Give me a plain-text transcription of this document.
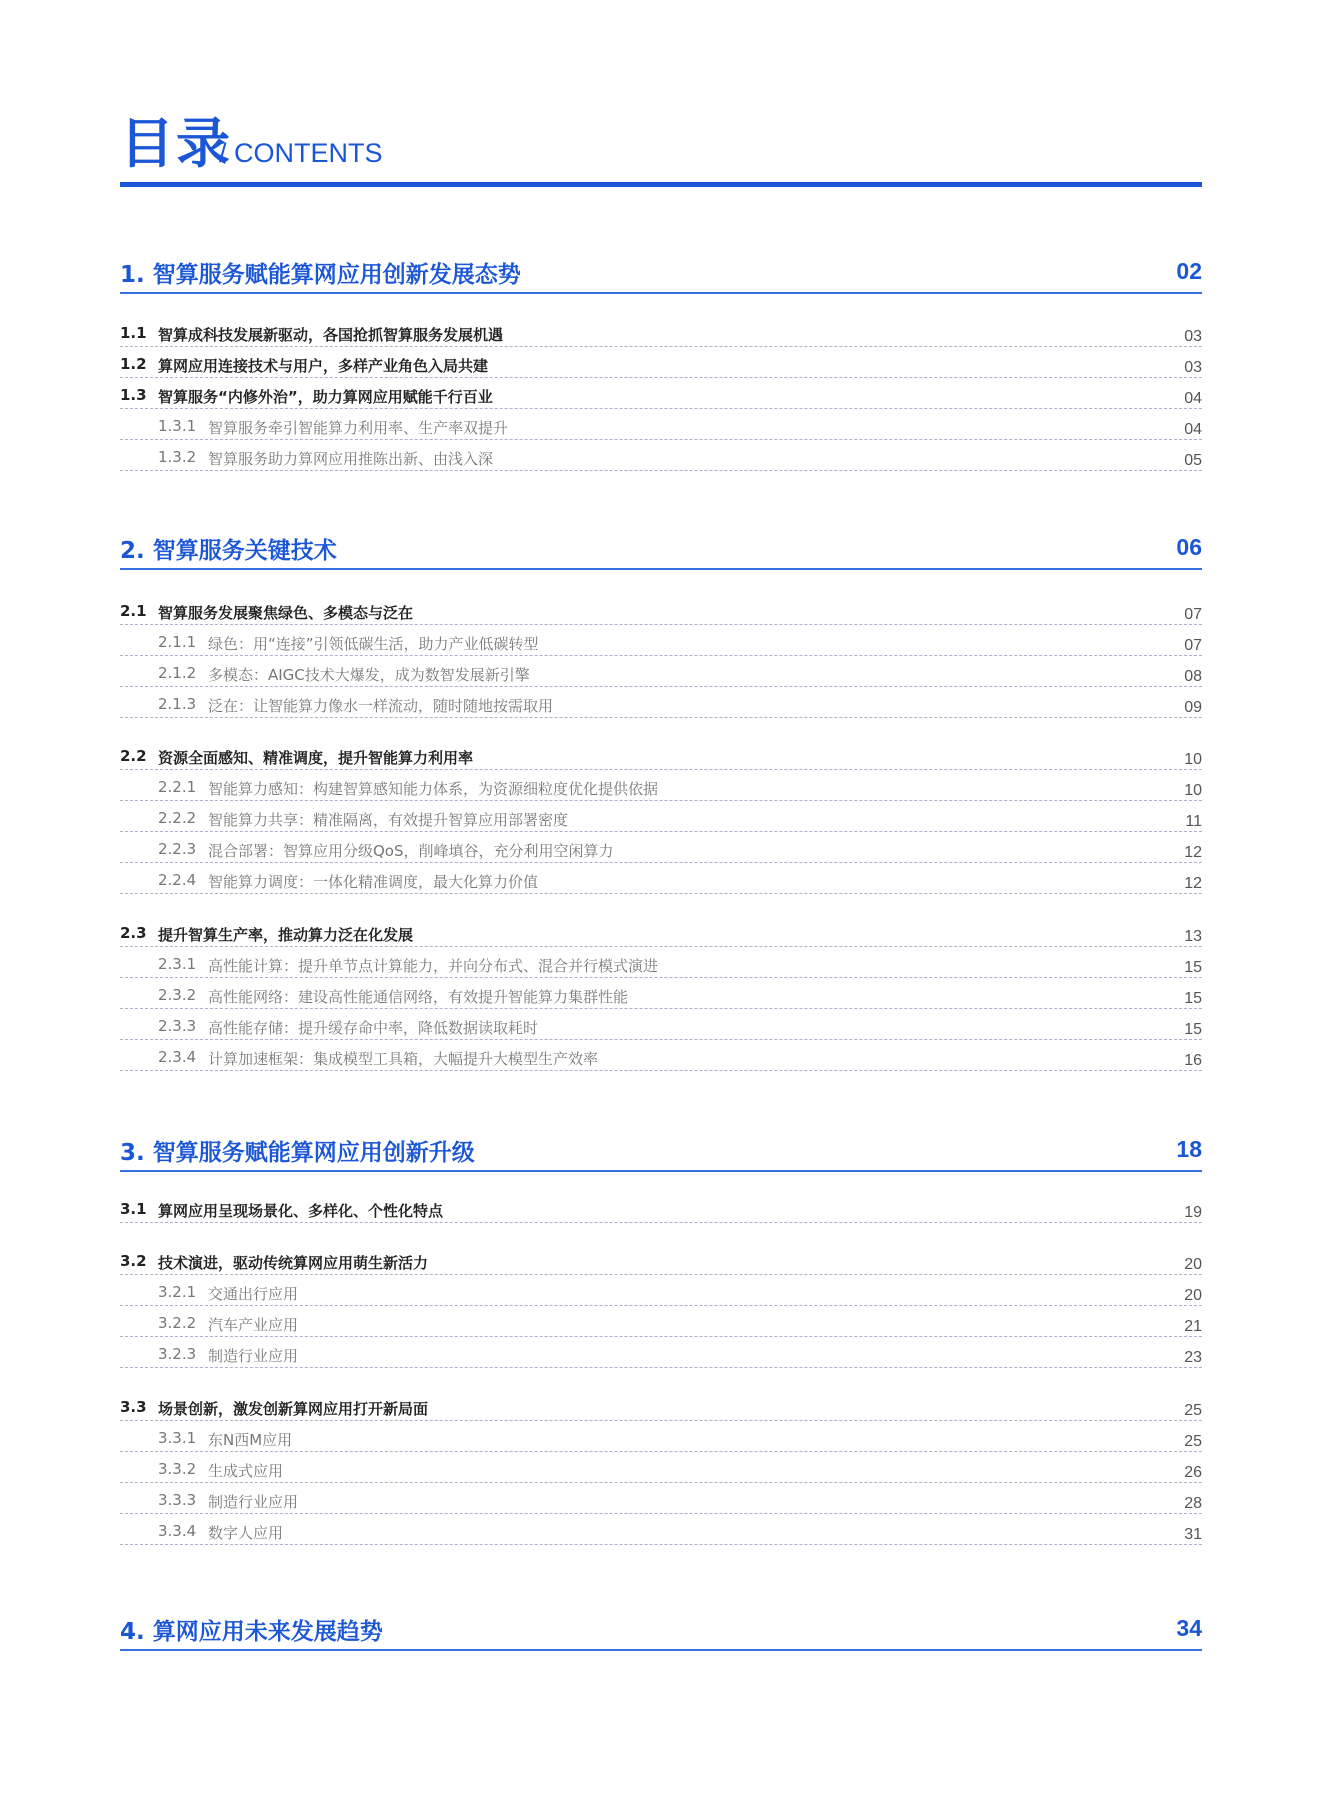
目录
/ CONTENTS
1. 智算服务赋能算网应用创新发展态势	02
1.1 智算成科技发展新驱动，各国抢抓智算服务发展机遇	03
1.2 算网应用连接技术与用户，多样产业角色入局共建	03
1.3 智算服务“内修外治”，助力算网应用赋能千行百业	04
1.3.1 智算服务牵引智能算力利用率、生产率双提升	04
1.3.2 智算服务助力算网应用推陈出新、由浅入深	05
2. 智算服务关键技术	06
2.1 智算服务发展聚焦绿色、多模态与泛在	07
2.1.1 绿色：用“连接”引领低碳生活，助力产业低碳转型	07
2.1.2 多模态：AIGC技术大爆发，成为数智发展新引擎	08
2.1.3 泛在：让智能算力像水一样流动，随时随地按需取用	09
2.2 资源全面感知、精准调度，提升智能算力利用率	10
2.2.1 智能算力感知：构建智算感知能力体系，为资源细粒度优化提供依据	10
2.2.2 智能算力共享：精准隔离，有效提升智算应用部署密度	11
2.2.3 混合部署：智算应用分级QoS，削峰填谷，充分利用空闲算力	12
2.2.4 智能算力调度：一体化精准调度，最大化算力价值	12
2.3 提升智算生产率，推动算力泛在化发展	13
2.3.1 高性能计算：提升单节点计算能力，并向分布式、混合并行模式演进	15
2.3.2 高性能网络：建设高性能通信网络，有效提升智能算力集群性能	15
2.3.3 高性能存储：提升缓存命中率，降低数据读取耗时	15
2.3.4 计算加速框架：集成模型工具箱，大幅提升大模型生产效率	16
3. 智算服务赋能算网应用创新升级	18
3.1 算网应用呈现场景化、多样化、个性化特点	19
3.2 技术演进，驱动传统算网应用萌生新活力	20
3.2.1 交通出行应用	20
3.2.2 汽车产业应用	21
3.2.3 制造行业应用	23
3.3 场景创新，激发创新算网应用打开新局面	25
3.3.1 东N西M应用	25
3.3.2 生成式应用	26
3.3.3 制造行业应用	28
3.3.4 数字人应用	31
4. 算网应用未来发展趋势	34
